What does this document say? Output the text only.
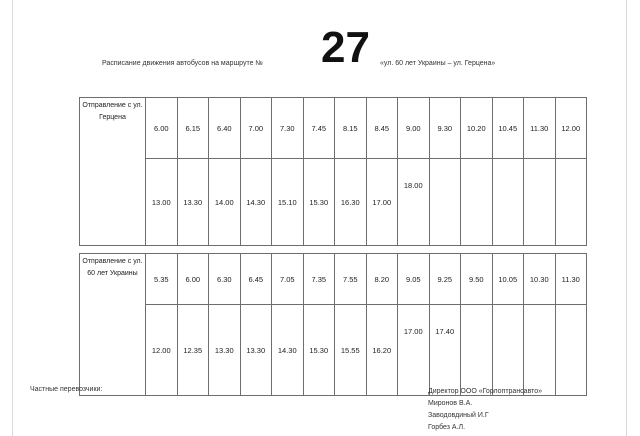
Расписание движения автобусов на маршруте № 27 «ул. 60 лет Украины – ул. Герцена»
Отправление с ул. Герцена	6.00	6.15	6.40	7.00	7.30	7.45	8.15	8.45	9.00	9.30	10.20	10.45	11.30	12.00
	13.00	13.30	14.00	14.30	15.10	15.30	16.30	17.00	18.00					
Отправление с ул. 60 лет Украины	5.35	6.00	6.30	6.45	7.05	7.35	7.55	8.20	9.05	9.25	9.50	10.05	10.30	11.30
	12.00	12.35	13.30	13.30	14.30	15.30	15.55	16.20	17.00	17.40				
Частные перевозчики:	Директор ООО «Горлоптрансавто»
Миронов В.А.
Заводовдиный И.Г
Горбез А.Л.
